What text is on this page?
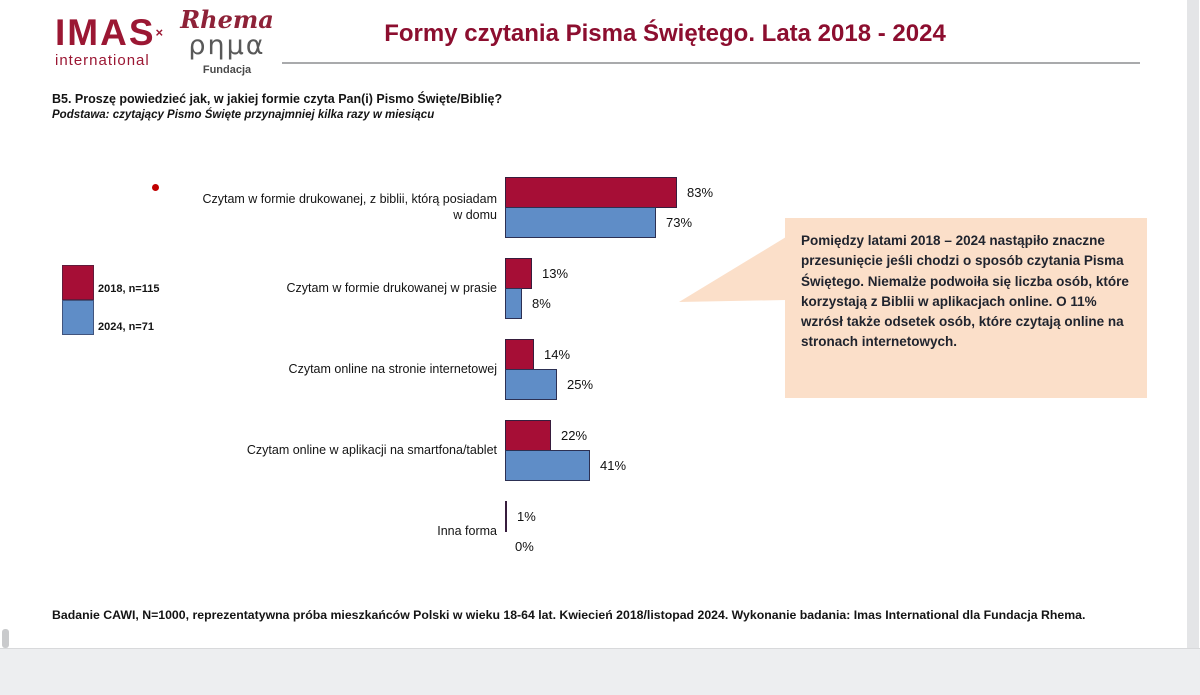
IMAS×
international
Rhema
ρημα
Fundacja
Formy czytania Pisma Świętego. Lata 2018 - 2024
B5. Proszę powiedzieć jak, w jakiej formie czyta Pan(i) Pismo Święte/Biblię?
Podstawa: czytający Pismo Święte przynajmniej kilka razy w miesiącu
2018, n=115
2024, n=71
Czytam w formie drukowanej, z biblii, którą posiadam w domu
83%
73%
Czytam w formie drukowanej w prasie
13%
8%
Czytam online na stronie internetowej
14%
25%
Czytam online w aplikacji na smartfona/tablet
22%
41%
Inna forma
1%
0%
Pomiędzy latami 2018 – 2024 nastąpiło znaczne przesunięcie jeśli chodzi o sposób czytania Pisma Świętego. Niemalże podwoiła się liczba osób, które korzystają z Biblii w aplikacjach online. O 11% wzrósł także odsetek osób, które czytają online na stronach internetowych.
Badanie CAWI, N=1000, reprezentatywna próba mieszkańców Polski w wieku 18-64 lat. Kwiecień 2018/listopad 2024. Wykonanie badania: Imas International dla Fundacja Rhema.
